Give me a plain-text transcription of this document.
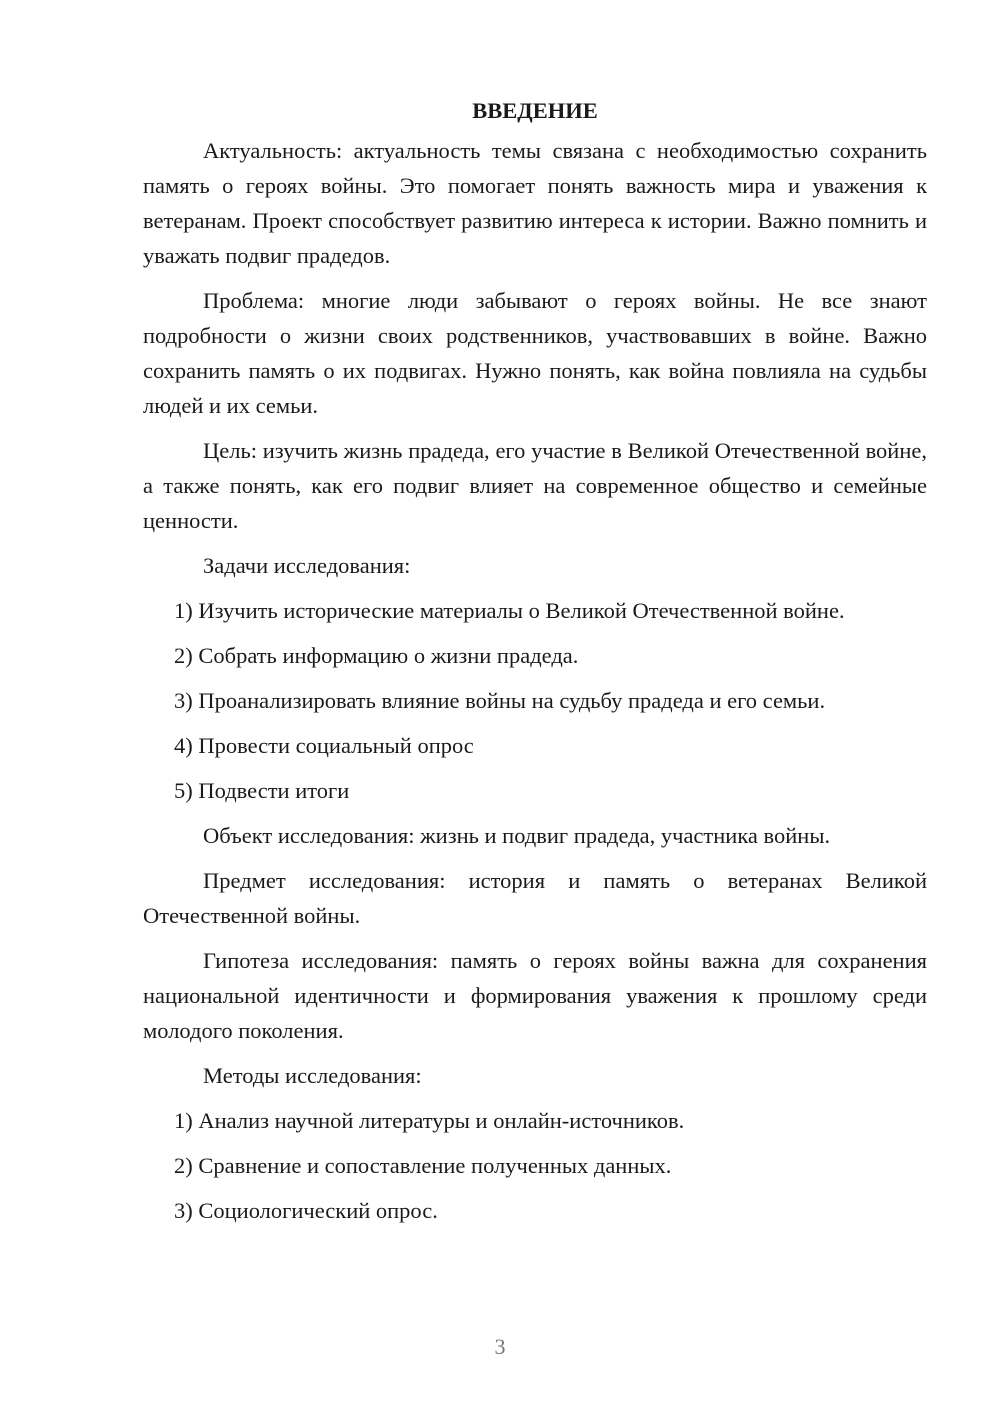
ВВЕДЕНИЕ

Актуальность: актуальность темы связана с необходимостью сохранить память о героях войны. Это помогает понять важность мира и уважения к ветеранам. Проект способствует развитию интереса к истории. Важно помнить и уважать подвиг прадедов.

Проблема: многие люди забывают о героях войны. Не все знают подробности о жизни своих родственников, участвовавших в войне. Важно сохранить память о их подвигах. Нужно понять, как война повлияла на судьбы людей и их семьи.

Цель: изучить жизнь прадеда, его участие в Великой Отечественной войне, а также понять, как его подвиг влияет на современное общество и семейные ценности.

Задачи исследования:

1) Изучить исторические материалы о Великой Отечественной войне.

2) Собрать информацию о жизни прадеда.

3) Проанализировать влияние войны на судьбу прадеда и его семьи.

4) Провести социальный опрос

5) Подвести итоги

Объект исследования: жизнь и подвиг прадеда, участника войны.

Предмет исследования: история и память о ветеранах Великой Отечественной войны.

Гипотеза исследования: память о героях войны важна для сохранения национальной идентичности и формирования уважения к прошлому среди молодого поколения.

Методы исследования:

1) Анализ научной литературы и онлайн-источников.

2) Сравнение и сопоставление полученных данных.

3) Социологический опрос.

3
